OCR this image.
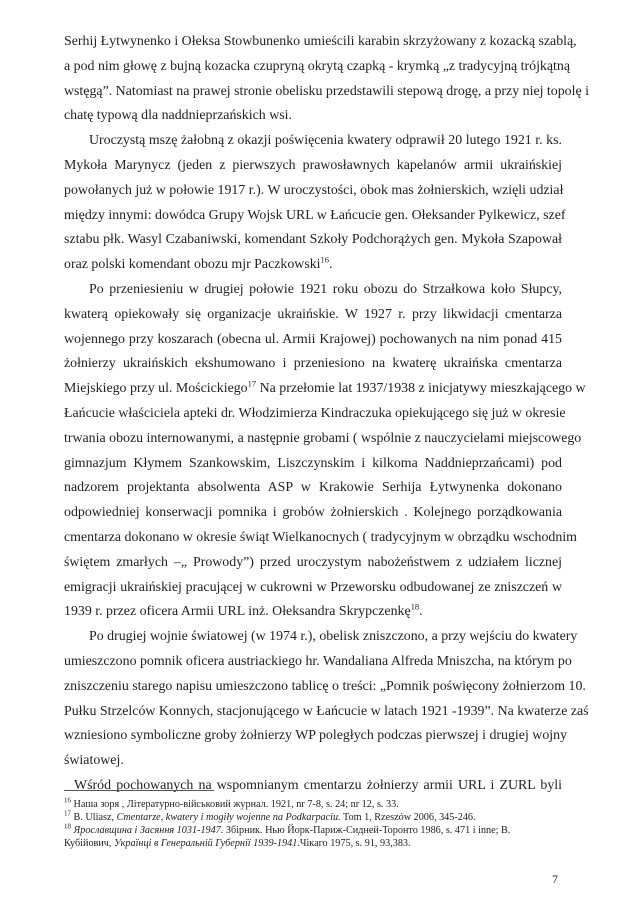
Serhij Łytwynenko i Ołeksa Stowbunenko umieścili karabin skrzyżowany z kozacką szablą,
a pod nim głowę z bujną kozacka czupryną okrytą czapką - krymką „z tradycyjną trójkątną
wstęgą”. Natomiast na prawej stronie obelisku przedstawili stepową drogę, a przy niej topolę i
chatę typową dla naddnieprzańskich wsi.
Uroczystą mszę żałobną z okazji poświęcenia kwatery odprawił 20 lutego 1921 r. ks.
Mykoła Marynycz (jeden z pierwszych prawosławnych kapelanów armii ukraińskiej
powołanych już w połowie 1917 r.). W uroczystości, obok mas żołnierskich, wzięli udział
między innymi: dowódca Grupy Wojsk URL w Łańcucie gen. Ołeksander Pylkewicz, szef
sztabu płk. Wasyl Czabaniwski, komendant Szkoły Podchorążych gen. Mykoła Szapował
oraz polski komendant obozu mjr Paczkowski$^{16}$.
Po przeniesieniu w drugiej połowie 1921 roku obozu do Strzałkowa koło Słupcy,
kwaterą opiekowały się organizacje ukraińskie. W 1927 r. przy likwidacji cmentarza
wojennego przy koszarach (obecna ul. Armii Krajowej) pochowanych na nim ponad 415
żołnierzy ukraińskich ekshumowano i przeniesiono na kwaterę ukraińska cmentarza
Miejskiego przy ul. Mościckiego$^{17}$ Na przełomie lat 1937/1938 z inicjatywy mieszkającego w
Łańcucie właściciela apteki dr. Włodzimierza Kindraczuka opiekującego się już w okresie
trwania obozu internowanymi, a następnie grobami ( wspólnie z nauczycielami miejscowego
gimnazjum Kłymem Szankowskim, Liszczynskim i kilkoma Naddnieprzańcami) pod
nadzorem projektanta absolwenta ASP w Krakowie Serhija Łytwynenka dokonano
odpowiedniej konserwacji pomnika i grobów żołnierskich . Kolejnego porządkowania
cmentarza dokonano w okresie świąt Wielkanocnych ( tradycyjnym w obrządku wschodnim
świętem zmarłych –„ Prowody”) przed uroczystym nabożeństwem z udziałem licznej
emigracji ukraińskiej pracującej w cukrowni w Przeworsku odbudowanej ze zniszczeń w
1939 r. przez oficera Armii URL inż. Ołeksandra Skrypczenkę$^{18}$.
Po drugiej wojnie światowej (w 1974 r.), obelisk zniszczono, a przy wejściu do kwatery
umieszczono pomnik oficera austriackiego hr. Wandaliana Alfreda Mniszcha, na którym po
zniszczeniu starego napisu umieszczono tablicę o treści: „Pomnik poświęcony żołnierzom 10.
Pułku Strzelców Konnych, stacjonującego w Łańcucie w latach 1921 -1939”. Na kwaterze zaś
wzniesiono symboliczne groby żołnierzy WP poległych podczas pierwszej i drugiej wojny
światowej.
Wśród pochowanych na wspomnianym cmentarzu żołnierzy armii URL i ZURL byli
$^{16}$ Наша зоря , Літературно-військовий журнал. 1921, nr 7-8, s. 24; nr 12, s. 33.
$^{17}$ B. Uliasz, Cmentarze, kwatery i mogiły wojenne na Podkarpaciu. Tom 1, Rzeszów 2006, 345-246.
$^{18}$ Ярославщина і Засяння 1031-1947. Збірник. Нью Йорк-Париж-Сидней-Торонто 1986, s. 471 i inne; B.
Кубійович, Українці в Генеральній Губернії 1939-1941.Чікаго 1975, s. 91, 93,383.
7
